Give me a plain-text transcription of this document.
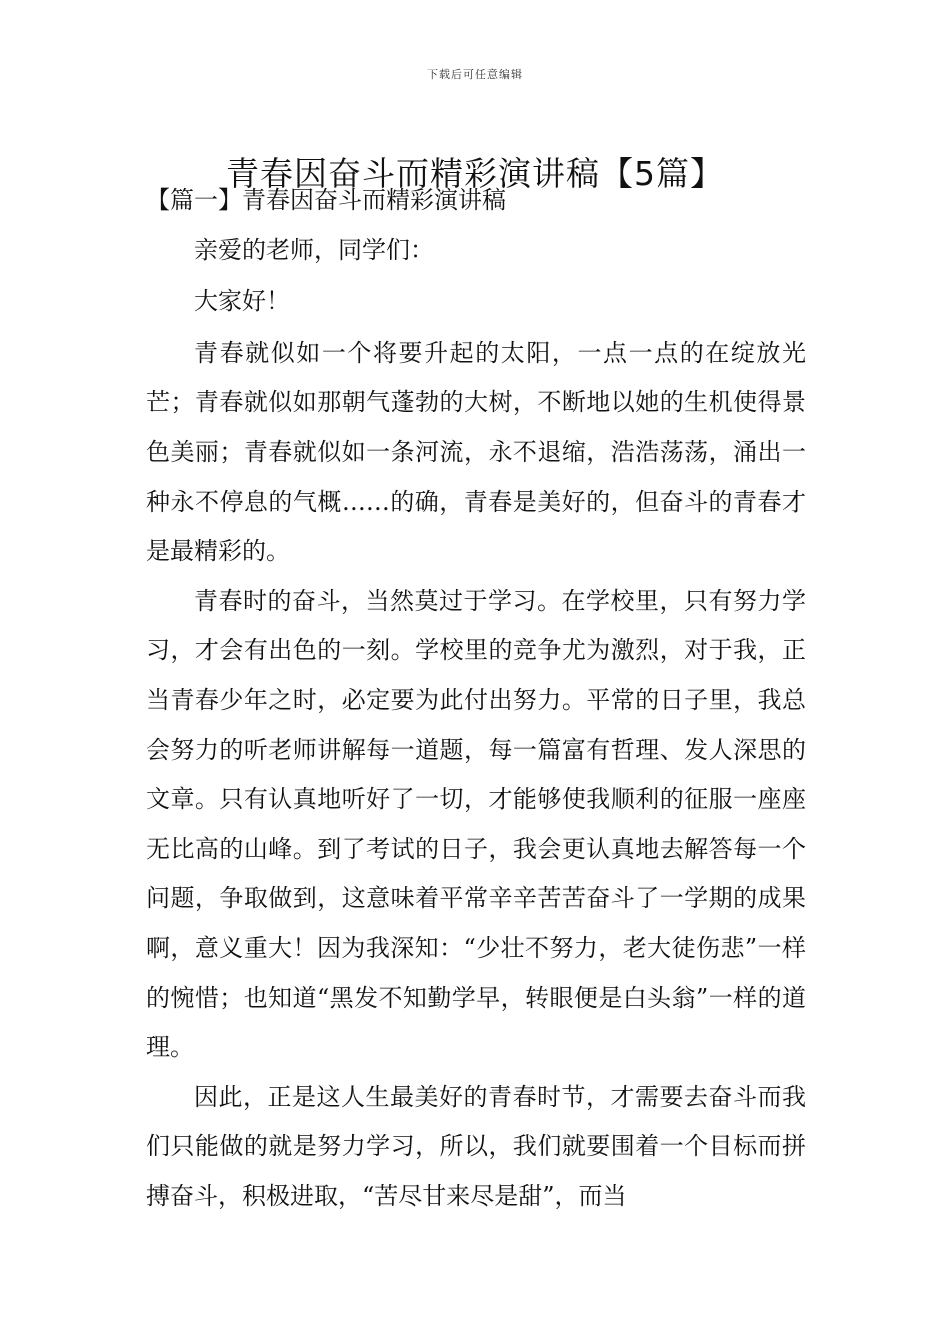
下载后可任意编辑
青春因奋斗而精彩演讲稿【5篇】
【篇一】青春因奋斗而精彩演讲稿

亲爱的老师，同学们：

大家好！

青春就似如一个将要升起的太阳，一点一点的在绽放光芒；青春就似如那朝气蓬勃的大树，不断地以她的生机使得景色美丽；青春就似如一条河流，永不退缩，浩浩荡荡，涌出一种永不停息的气概……的确，青春是美好的，但奋斗的青春才是最精彩的。

青春时的奋斗，当然莫过于学习。在学校里，只有努力学习，才会有出色的一刻。学校里的竞争尤为激烈，对于我，正当青春少年之时，必定要为此付出努力。平常的日子里，我总会努力的听老师讲解每一道题，每一篇富有哲理、发人深思的文章。只有认真地听好了一切，才能够使我顺利的征服一座座无比高的山峰。到了考试的日子，我会更认真地去解答每一个问题，争取做到，这意味着平常辛辛苦苦奋斗了一学期的成果啊，意义重大！因为我深知：“少壮不努力，老大徒伤悲”一样的惋惜；也知道“黑发不知勤学早，转眼便是白头翁”一样的道理。

因此，正是这人生最美好的青春时节，才需要去奋斗而我们只能做的就是努力学习，所以，我们就要围着一个目标而拼搏奋斗，积极进取，“苦尽甘来尽是甜”，而当
